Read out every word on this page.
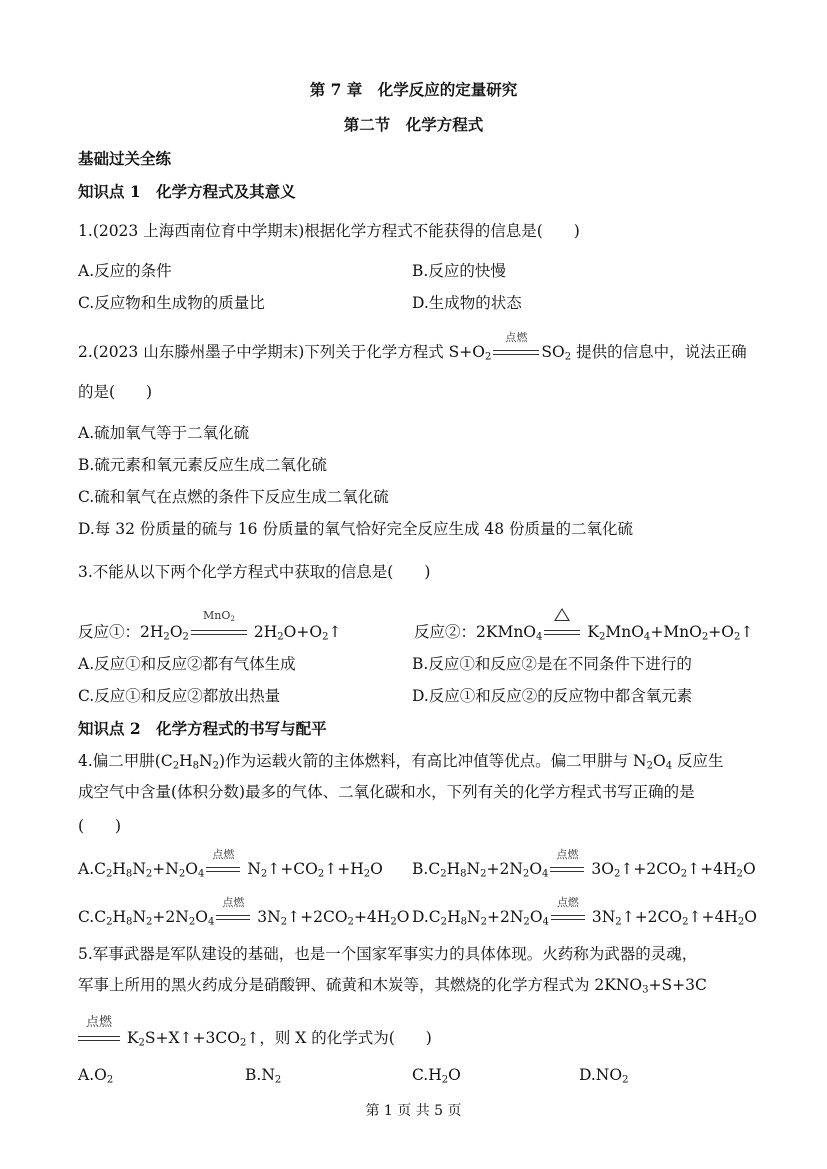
第 7 章　化学反应的定量研究
第二节　化学方程式
基础过关全练
知识点 1　化学方程式及其意义
1.(2023 上海西南位育中学期末)根据化学方程式不能获得的信息是(　　)
A.反应的条件	B.反应的快慢
C.反应物和生成物的质量比	D.生成物的状态
2.(2023 山东滕州墨子中学期末)下列关于化学方程式 $S+O_2$
点燃
$SO_2$ 提供的信息中，说法正确
的是(　　)
A.硫加氧气等于二氧化硫
B.硫元素和氧元素反应生成二氧化硫
C.硫和氧气在点燃的条件下反应生成二氧化硫
D.每 32 份质量的硫与 16 份质量的氧气恰好完全反应生成 48 份质量的二氧化硫
3.不能从以下两个化学方程式中获取的信息是(　　)
反应①：$2H_2O_2$
MnO$_2$
$2H_2O+O_2↑$	反应②：2KMnO$_4$	$K_2MnO_4+MnO_2+O_2↑$
A.反应①和反应②都有气体生成	B.反应①和反应②是在不同条件下进行的
C.反应①和反应②都放出热量	D.反应①和反应②的反应物中都含氧元素
知识点 2　化学方程式的书写与配平
4.偏二甲肼$(C_2H_8N_2)$作为运载火箭的主体燃料，有高比冲值等优点。偏二甲肼与 $N_2O_4$ 反应生
成空气中含量(体积分数)最多的气体、二氧化碳和水，下列有关的化学方程式书写正确的是
(　　)
$A.C_2H_8N_2+N_2O_4$
点燃
$N_2↑+CO_2↑+H_2O$ $B.C_2H_8N_2+2N_2O_4$
点燃
$3O_2↑+2CO_2↑+4H_2O$
$C.C_2H_8N_2+2N_2O_4$
点燃
$3N_2↑+2CO_2+4H_2O$ $D.C_2H_8N_2+2N_2O_4$
点燃
$3N_2↑+2CO_2↑+4H_2O$
5.军事武器是军队建设的基础，也是一个国家军事实力的具体体现。火药称为武器的灵魂，
军事上所用的黑火药成分是硝酸钾、硫黄和木炭等，其燃烧的化学方程式为 $2KNO_3+S+3C$
点燃
$K_2S+X↑+3CO_2↑$，则 X 的化学式为(　　)
$A.O_2$	$B.N_2$	$C.H_2O$	$D.NO_2$
第 1 页 共 5 页
